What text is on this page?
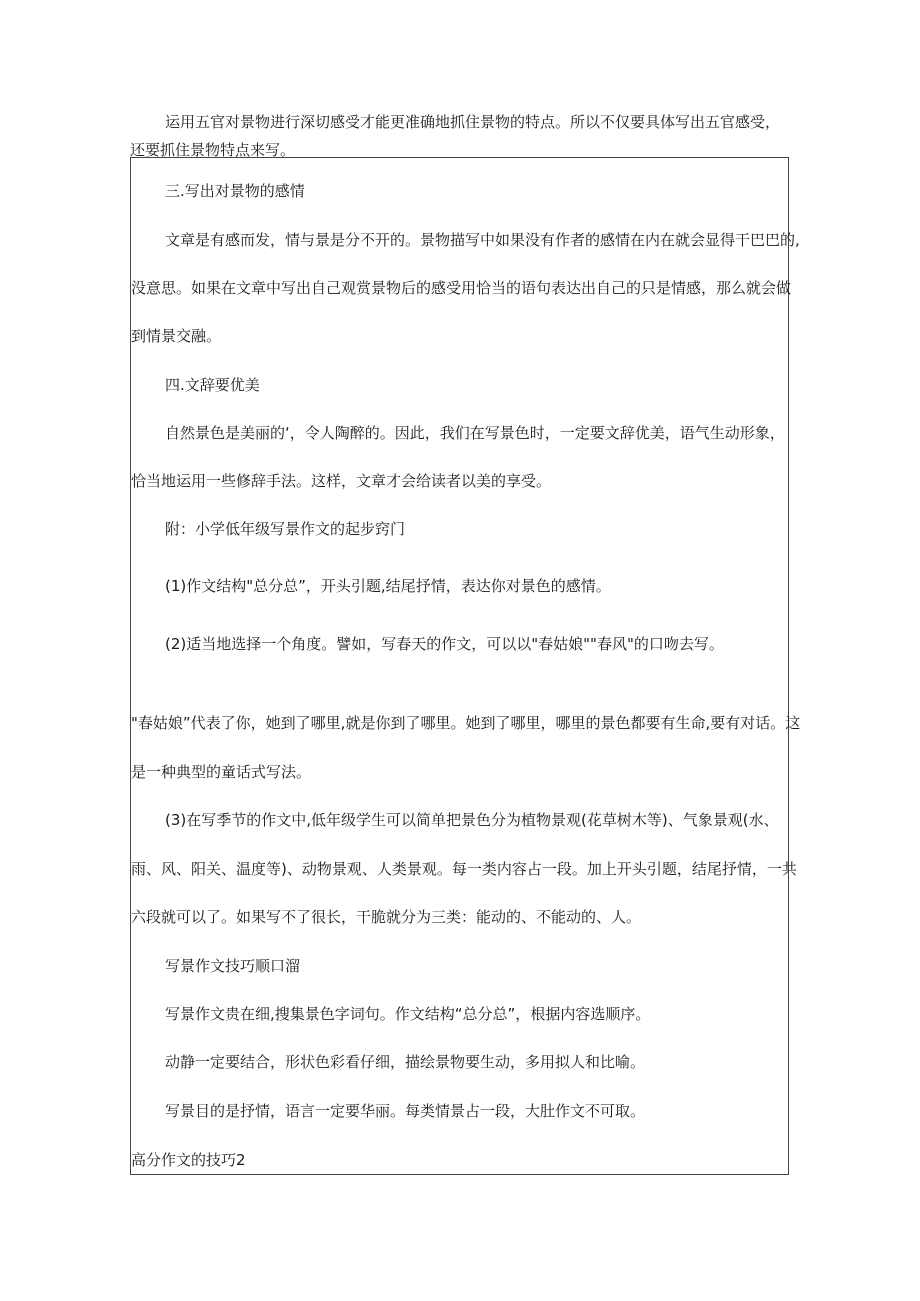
运用五官对景物进行深切感受才能更准确地抓住景物的特点。所以不仅要具体写出五官感受，还要抓住景物特点来写。

三.写出对景物的感情
文章是有感而发，情与景是分不开的。景物描写中如果没有作者的感情在内在就会显得干巴巴的,
没意思。如果在文章中写出自己观赏景物后的感受用恰当的语句表达出自己的只是情感，那么就会做
到情景交融。
四.文辞要优美
自然景色是美丽的‘，令人陶醉的。因此，我们在写景色时，一定要文辞优美，语气生动形象，
恰当地运用一些修辞手法。这样，文章才会给读者以美的享受。
附：小学低年级写景作文的起步窍门
(1)作文结构"总分总”，开头引题,结尾抒情，表达你对景色的感情。
(2)适当地选择一个角度。譬如，写春天的作文，可以以"春姑娘""春风"的口吻去写。
"春姑娘”代表了你，她到了哪里,就是你到了哪里。她到了哪里，哪里的景色都要有生命,要有对话。这
是一种典型的童话式写法。
(3)在写季节的作文中,低年级学生可以简单把景色分为植物景观(花草树木等)、气象景观(水、
雨、风、阳关、温度等)、动物景观、人类景观。每一类内容占一段。加上开头引题，结尾抒情，一共
六段就可以了。如果写不了很长，干脆就分为三类：能动的、不能动的、人。
写景作文技巧顺口溜
写景作文贵在细,搜集景色字词句。作文结构“总分总”，根据内容选顺序。
动静一定要结合，形状色彩看仔细，描绘景物要生动，多用拟人和比喻。
写景目的是抒情，语言一定要华丽。每类情景占一段，大肚作文不可取。
高分作文的技巧2
